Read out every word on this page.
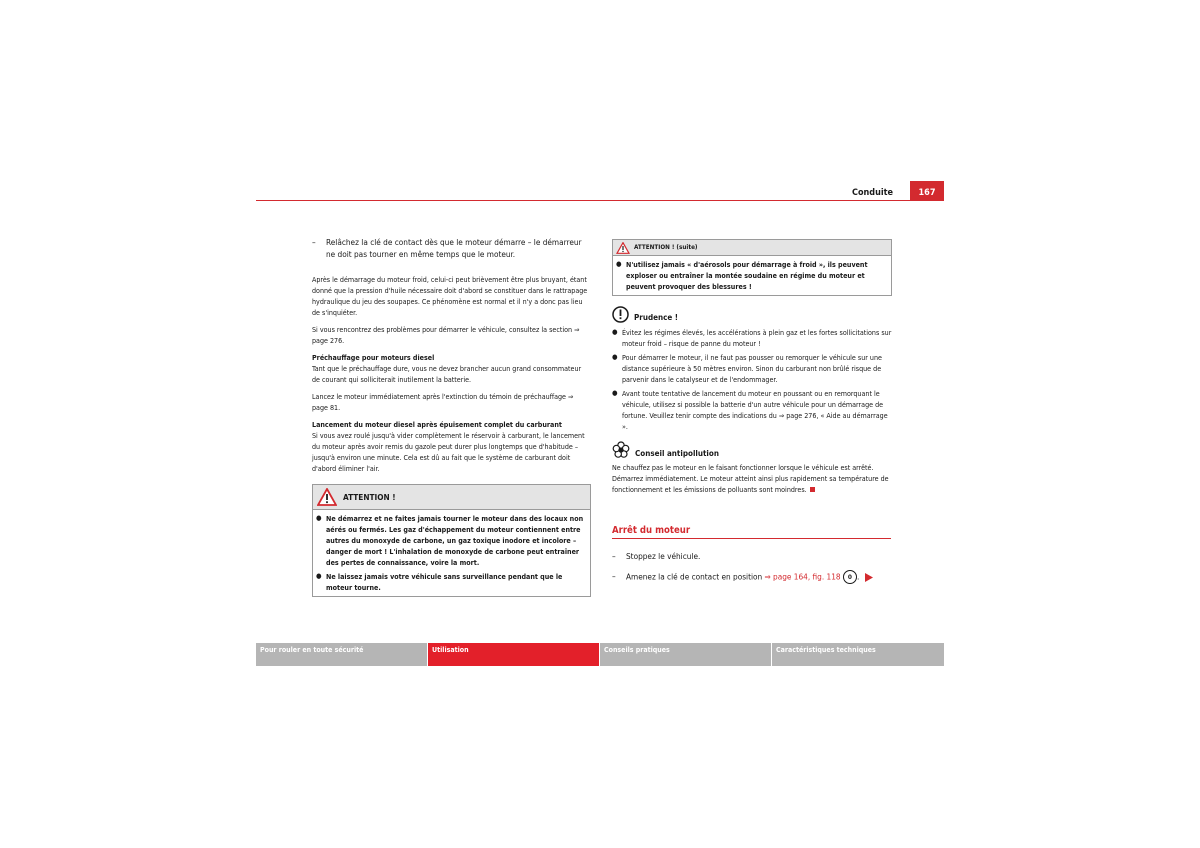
Conduite	167
–	Relâchez la clé de contact dès que le moteur démarre – le démarreur ne doit pas tourner en même temps que le moteur.

Après le démarrage du moteur froid, celui-ci peut brièvement être plus bruyant, étant donné que la pression d'huile nécessaire doit d'abord se constituer dans le rattrapage hydraulique du jeu des soupapes. Ce phénomène est normal et il n'y a donc pas lieu de s'inquiéter.

Si vous rencontrez des problèmes pour démarrer le véhicule, consultez la section ⇒ page 276.

Préchauffage pour moteurs diesel

Tant que le préchauffage dure, vous ne devez brancher aucun grand consommateur de courant qui solliciterait inutilement la batterie.

Lancez le moteur immédiatement après l'extinction du témoin de préchauffage ⇒ page 81.

Lancement du moteur diesel après épuisement complet du carburant

Si vous avez roulé jusqu'à vider complètement le réservoir à carburant, le lancement du moteur après avoir remis du gazole peut durer plus longtemps que d'habitude – jusqu'à environ une minute. Cela est dû au fait que le système de carburant doit d'abord éliminer l'air.

ATTENTION !
● Ne démarrez et ne faites jamais tourner le moteur dans des locaux non aérés ou fermés. Les gaz d'échappement du moteur contiennent entre autres du monoxyde de carbone, un gaz toxique inodore et incolore – danger de mort ! L'inhalation de monoxyde de carbone peut entraîner des pertes de connaissance, voire la mort.
● Ne laissez jamais votre véhicule sans surveillance pendant que le moteur tourne.
ATTENTION ! (suite)
● N'utilisez jamais « d'aérosols pour démarrage à froid », ils peuvent exploser ou entraîner la montée soudaine en régime du moteur et peuvent provoquer des blessures !
Prudence !
● Évitez les régimes élevés, les accélérations à plein gaz et les fortes sollicitations sur moteur froid – risque de panne du moteur !
● Pour démarrer le moteur, il ne faut pas pousser ou remorquer le véhicule sur une distance supérieure à 50 mètres environ. Sinon du carburant non brûlé risque de parvenir dans le catalyseur et de l'endommager.
● Avant toute tentative de lancement du moteur en poussant ou en remorquant le véhicule, utilisez si possible la batterie d'un autre véhicule pour un démarrage de fortune. Veuillez tenir compte des indications du ⇒ page 276, « Aide au démarrage ».
Conseil antipollution
Ne chauffez pas le moteur en le faisant fonctionner lorsque le véhicule est arrêté. Démarrez immédiatement. Le moteur atteint ainsi plus rapidement sa température de fonctionnement et les émissions de polluants sont moindres.
Arrêt du moteur
–	Stoppez le véhicule.
–	Amenez la clé de contact en position ⇒ page 164, fig. 118 0 .
Pour rouler en toute sécurité	Utilisation	Conseils pratiques	Caractéristiques techniques
